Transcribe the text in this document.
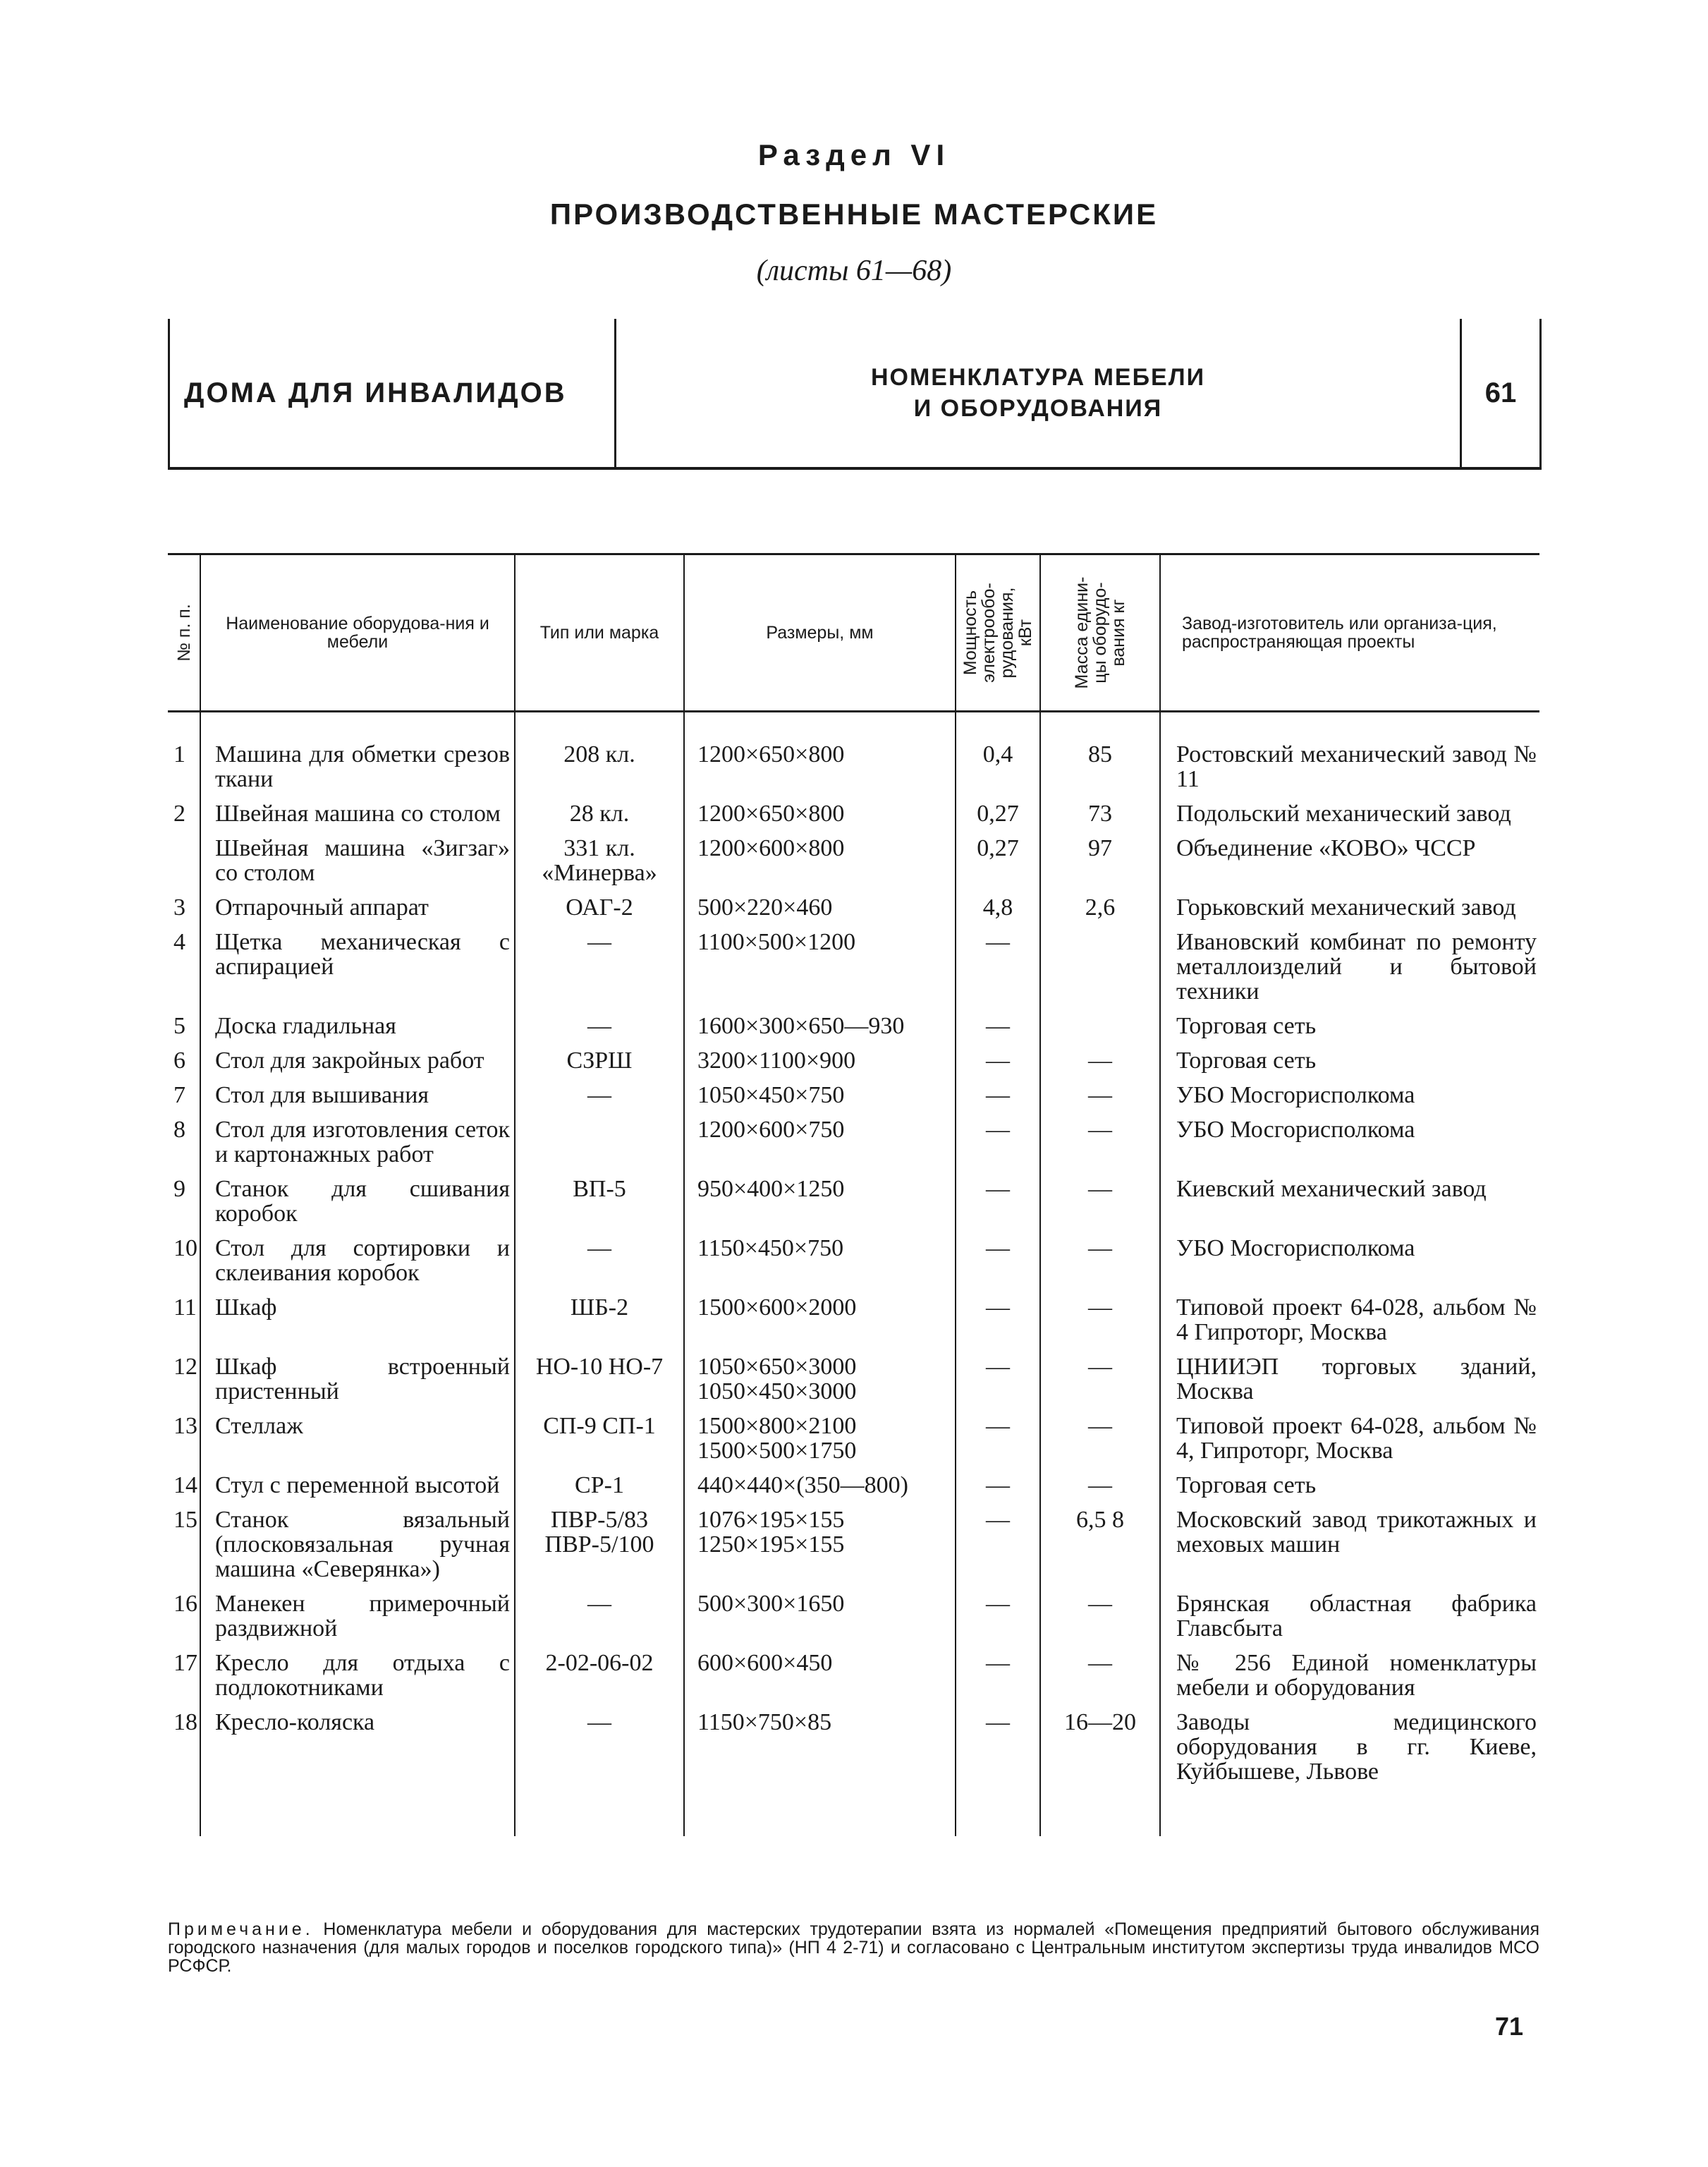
Раздел VI
ПРОИЗВОДСТВЕННЫЕ МАСТЕРСКИЕ
(листы 61—68)
ДОМА ДЛЯ ИНВАЛИДОВ	НОМЕНКЛАТУРА МЕБЕЛИ
И ОБОРУДОВАНИЯ
61
№ п. п.	Наименование оборудова-ния и мебели	Тип или марка	Размеры, мм	Мощность электрообо-рудования, кВт	Масса едини-цы оборудо-вания кг	Завод-изготовитель или организа-ция, распространяющая проекты

1	Машина для обметки срезов ткани	208 кл.	1200×650×800	0,4	85	Ростовский механический завод № 11
2	Швейная машина со столом	28 кл.	1200×650×800	0,27	73	Подольский механический завод
	Швейная машина «Зигзаг» со столом	331 кл. «Минерва»	1200×600×800	0,27	97	Объединение «КОВО» ЧССР
3	Отпарочный аппарат	ОАГ-2	500×220×460	4,8	2,6	Горьковский механический завод
4	Щетка механическая с аспирацией	—	1100×500×1200	—		Ивановский комбинат по ремонту металлоизделий и бытовой техники
5	Доска гладильная	—	1600×300×650—930	—		Торговая сеть
6	Стол для закройных работ	СЗРШ	3200×1100×900	—	—	Торговая сеть
7	Стол для вышивания	—	1050×450×750	—	—	УБО Мосгорисполкома
8	Стол для изготовления сеток и картонажных работ		1200×600×750	—	—	УБО Мосгорисполкома
9	Станок для сшивания коробок	ВП-5	950×400×1250	—	—	Киевский механический завод
10	Стол для сортировки и склеивания коробок	—	1150×450×750	—	—	УБО Мосгорисполкома
11	Шкаф	ШБ-2	1500×600×2000	—	—	Типовой проект 64-028, альбом № 4 Гипроторг, Москва
12	Шкаф встроенный пристенный	НО-10 НО-7	1050×650×3000 1050×450×3000	—	—	ЦНИИЭП торговых зданий, Москва
13	Стеллаж	СП-9 СП-1	1500×800×2100 1500×500×1750	—	—	Типовой проект 64-028, альбом № 4, Гипроторг, Москва
14	Стул с переменной высотой	СР-1	440×440×(350—800)	—	—	Торговая сеть
15	Станок вязальный (плосковязальная ручная машина «Северянка»)	ПВР-5/83 ПВР-5/100	1076×195×155 1250×195×155	—	6,5 8	Московский завод трикотажных и меховых машин
16	Манекен примерочный раздвижной	—	500×300×1650	—	—	Брянская областная фабрика Главсбыта
17	Кресло для отдыха с подлокотниками	2-02-06-02	600×600×450	—	—	№ 256 Единой номенклатуры мебели и оборудования
18	Кресло-коляска	—	1150×750×85	—	16—20	Заводы медицинского оборудования в гг. Киеве, Куйбышеве, Львове

Примечание. Номенклатура мебели и оборудования для мастерских трудотерапии взята из нормалей «Помещения предприятий бытового обслуживания городского назначения (для малых городов и поселков городского типа)» (НП 4 2-71) и согласовано с Центральным институтом экспертизы труда инвалидов МСО РСФСР.
71
